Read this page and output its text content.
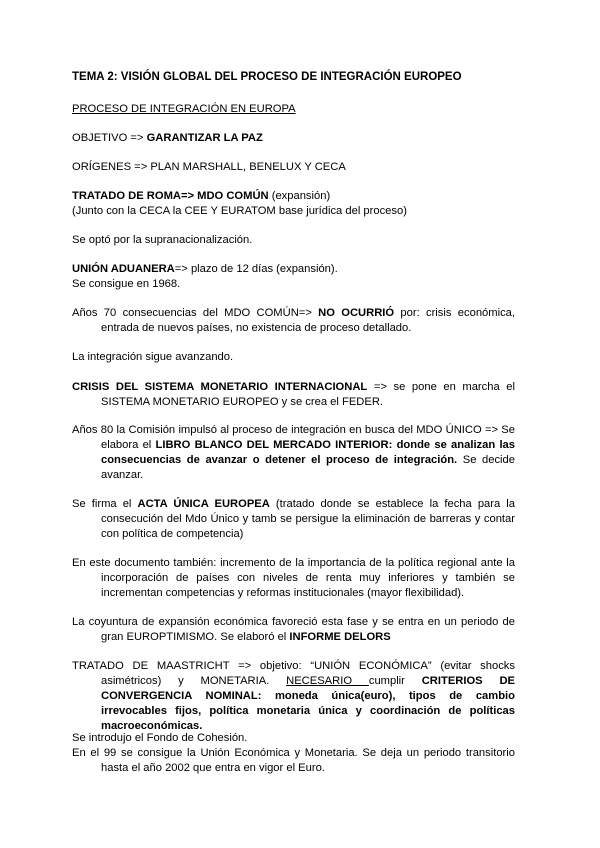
TEMA 2: VISIÓN GLOBAL DEL PROCESO DE INTEGRACIÓN EUROPEO

PROCESO DE INTEGRACIÓN EN EUROPA

OBJETIVO => GARANTIZAR LA PAZ

ORÍGENES => PLAN MARSHALL, BENELUX Y CECA

TRATADO DE ROMA=> MDO COMÚN (expansión)
(Junto con la CECA la CEE Y EURATOM base jurídica del proceso)

Se optó por la supranacionalización.

UNIÓN ADUANERA=> plazo de 12 días (expansión).
Se consigue en 1968.

Años 70 consecuencias del MDO COMÚN=> NO OCURRIÓ por: crisis económica, entrada de nuevos países, no existencia de proceso detallado.

La integración sigue avanzando.

CRISIS DEL SISTEMA MONETARIO INTERNACIONAL => se pone en marcha el SISTEMA MONETARIO EUROPEO y se crea el FEDER.

Años 80 la Comisión impulsó al proceso de integración en busca del MDO ÚNICO => Se elabora el LIBRO BLANCO DEL MERCADO INTERIOR: donde se analizan las consecuencias de avanzar o detener el proceso de integración. Se decide avanzar.

Se firma el ACTA ÚNICA EUROPEA (tratado donde se establece la fecha para la consecución del Mdo Único y tamb se persigue la eliminación de barreras y contar con política de competencia)

En este documento también: incremento de la importancia de la política regional ante la incorporación de países con niveles de renta muy inferiores y también se incrementan competencias y reformas institucionales (mayor flexibilidad).

La coyuntura de expansión económica favoreció esta fase y se entra en un periodo de gran EUROPTIMISMO. Se elaboró el INFORME DELORS

TRATADO DE MAASTRICHT => objetivo: “UNIÓN ECONÓMICA” (evitar shocks asimétricos) y MONETARIA. NECESARIO cumplir CRITERIOS DE CONVERGENCIA NOMINAL: moneda única(euro), tipos de cambio irrevocables fijos, política monetaria única y coordinación de políticas macroeconómicas.

Se introdujo el Fondo de Cohesión.

En el 99 se consigue la Unión Económica y Monetaria. Se deja un periodo transitorio hasta el año 2002 que entra en vigor el Euro.
